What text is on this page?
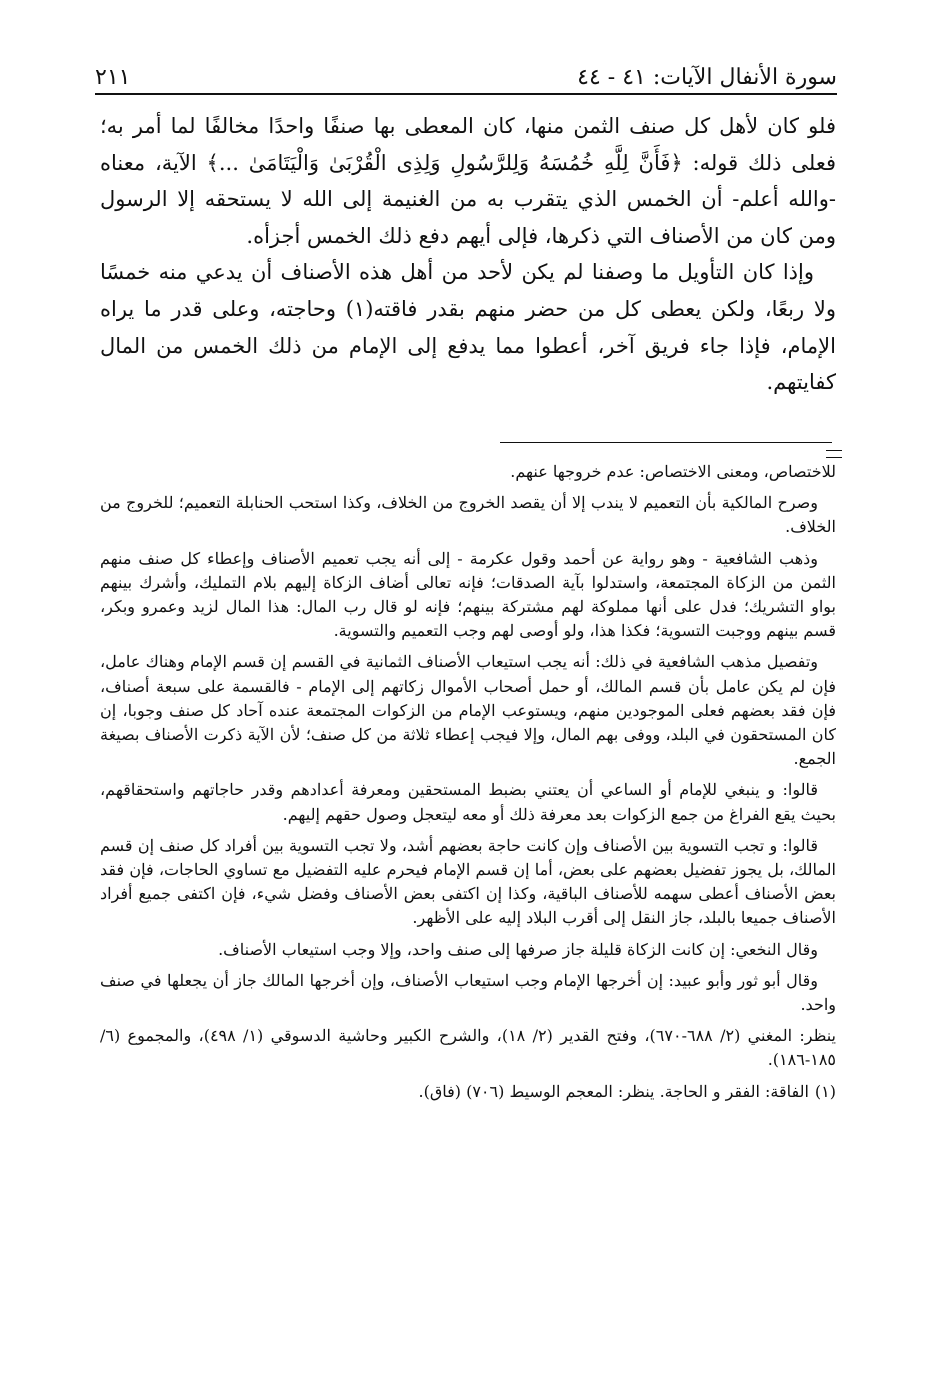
سورة الأنفال الآيات: ٤١ - ٤٤
٢١١

فلو كان لأهل كل صنف الثمن منها، كان المعطى بها صنفًا واحدًا مخالفًا لما أمر به؛ فعلى ذلك قوله: ﴿فَأَنَّ لِلَّهِ خُمُسَهُ وَلِلرَّسُولِ وَلِذِى الْقُرْبَىٰ وَالْيَتَامَىٰ ...﴾ الآية، معناه -والله أعلم- أن الخمس الذي يتقرب به من الغنيمة إلى الله لا يستحقه إلا الرسول ومن كان من الأصناف التي ذكرها، فإلى أيهم دفع ذلك الخمس أجزأه.

وإذا كان التأويل ما وصفنا لم يكن لأحد من أهل هذه الأصناف أن يدعي منه خمسًا ولا ربعًا، ولكن يعطى كل من حضر منهم بقدر فاقته(١) وحاجته، وعلى قدر ما يراه الإمام، فإذا جاء فريق آخر، أعطوا مما يدفع إلى الإمام من ذلك الخمس من المال كفايتهم.

للاختصاص، ومعنى الاختصاص: عدم خروجها عنهم.

وصرح المالكية بأن التعميم لا يندب إلا أن يقصد الخروج من الخلاف، وكذا استحب الحنابلة التعميم؛ للخروج من الخلاف.

وذهب الشافعية - وهو رواية عن أحمد وقول عكرمة - إلى أنه يجب تعميم الأصناف وإعطاء كل صنف منهم الثمن من الزكاة المجتمعة، واستدلوا بآية الصدقات؛ فإنه تعالى أضاف الزكاة إليهم بلام التمليك، وأشرك بينهم بواو التشريك؛ فدل على أنها مملوكة لهم مشتركة بينهم؛ فإنه لو قال رب المال: هذا المال لزيد وعمرو وبكر، قسم بينهم ووجبت التسوية؛ فكذا هذا، ولو أوصى لهم وجب التعميم والتسوية.

وتفصيل مذهب الشافعية في ذلك: أنه يجب استيعاب الأصناف الثمانية في القسم إن قسم الإمام وهناك عامل، فإن لم يكن عامل بأن قسم المالك، أو حمل أصحاب الأموال زكاتهم إلى الإمام - فالقسمة على سبعة أصناف، فإن فقد بعضهم فعلى الموجودين منهم، ويستوعب الإمام من الزكوات المجتمعة عنده آحاد كل صنف وجوبا، إن كان المستحقون في البلد، ووفى بهم المال، وإلا فيجب إعطاء ثلاثة من كل صنف؛ لأن الآية ذكرت الأصناف بصيغة الجمع.

قالوا: و ينبغي للإمام أو الساعي أن يعتني بضبط المستحقين ومعرفة أعدادهم وقدر حاجاتهم واستحقاقهم، بحيث يقع الفراغ من جمع الزكوات بعد معرفة ذلك أو معه ليتعجل وصول حقهم إليهم.

قالوا: و تجب التسوية بين الأصناف وإن كانت حاجة بعضهم أشد، ولا تجب التسوية بين أفراد كل صنف إن قسم المالك، بل يجوز تفضيل بعضهم على بعض، أما إن قسم الإمام فيحرم عليه التفضيل مع تساوي الحاجات، فإن فقد بعض الأصناف أعطى سهمه للأصناف الباقية، وكذا إن اكتفى بعض الأصناف وفضل شيء، فإن اكتفى جميع أفراد الأصناف جميعا بالبلد، جاز النقل إلى أقرب البلاد إليه على الأظهر.

وقال النخعي: إن كانت الزكاة قليلة جاز صرفها إلى صنف واحد، وإلا وجب استيعاب الأصناف.

وقال أبو ثور وأبو عبيد: إن أخرجها الإمام وجب استيعاب الأصناف، وإن أخرجها المالك جاز أن يجعلها في صنف واحد.

ينظر: المغني (٢/ ٦٨٨-٦٧٠)، وفتح القدير (٢/ ١٨)، والشرح الكبير وحاشية الدسوقي (١/ ٤٩٨)، والمجموع (٦/ ١٨٥-١٨٦).

(١)الفاقة: الفقر و الحاجة. ينظر: المعجم الوسيط (٧٠٦) (فاق).
